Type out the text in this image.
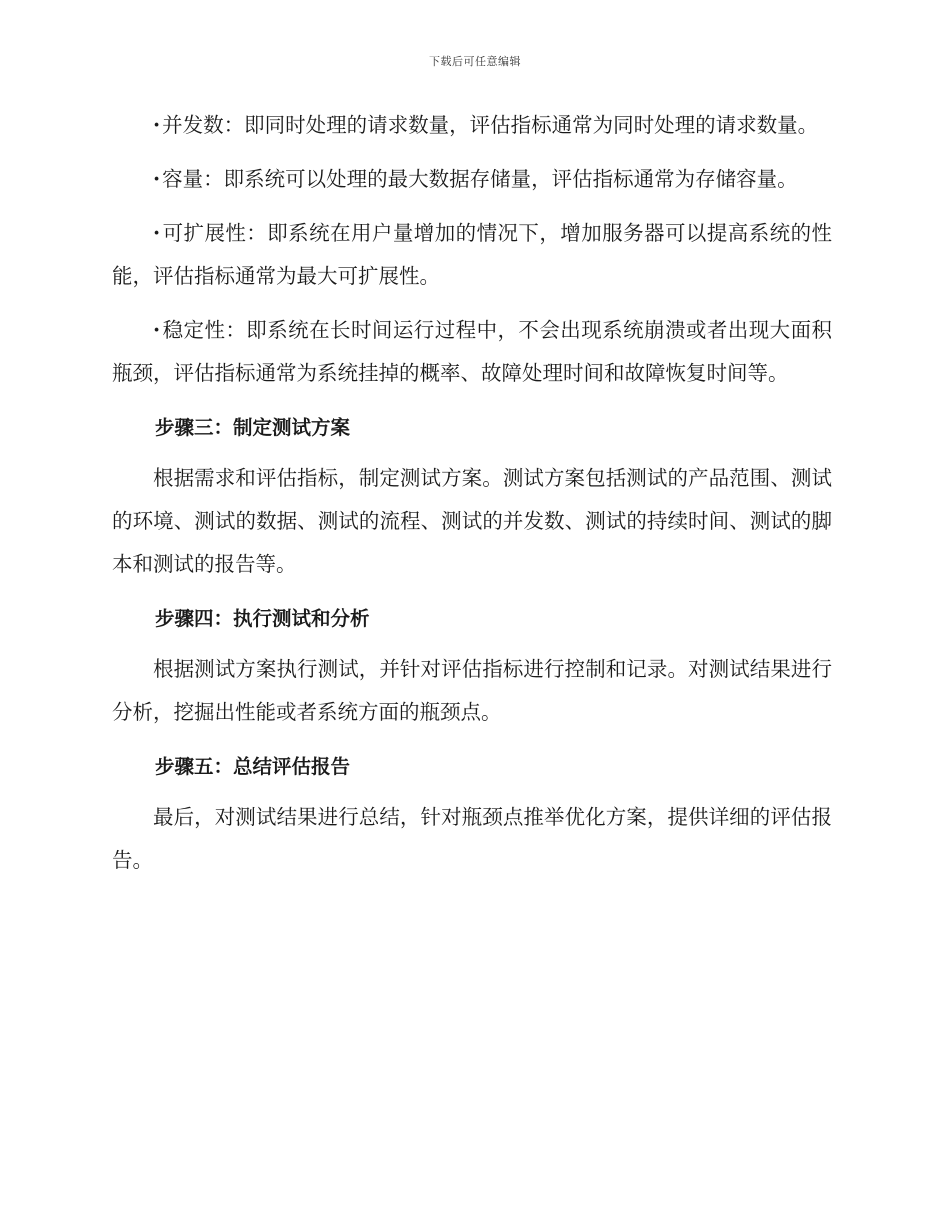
下载后可任意编辑

· 并发数：即同时处理的请求数量，评估指标通常为同时处理的请求数量。

· 容量：即系统可以处理的最大数据存储量，评估指标通常为存储容量。

· 可扩展性：即系统在用户量增加的情况下，增加服务器可以提高系统的性能，评估指标通常为最大可扩展性。

· 稳定性：即系统在长时间运行过程中，不会出现系统崩溃或者出现大面积瓶颈，评估指标通常为系统挂掉的概率、故障处理时间和故障恢复时间等。

步骤三：制定测试方案

根据需求和评估指标，制定测试方案。测试方案包括测试的产品范围、测试的环境、测试的数据、测试的流程、测试的并发数、测试的持续时间、测试的脚本和测试的报告等。

步骤四：执行测试和分析

根据测试方案执行测试，并针对评估指标进行控制和记录。对测试结果进行分析，挖掘出性能或者系统方面的瓶颈点。

步骤五：总结评估报告

最后，对测试结果进行总结，针对瓶颈点推举优化方案，提供详细的评估报告。
